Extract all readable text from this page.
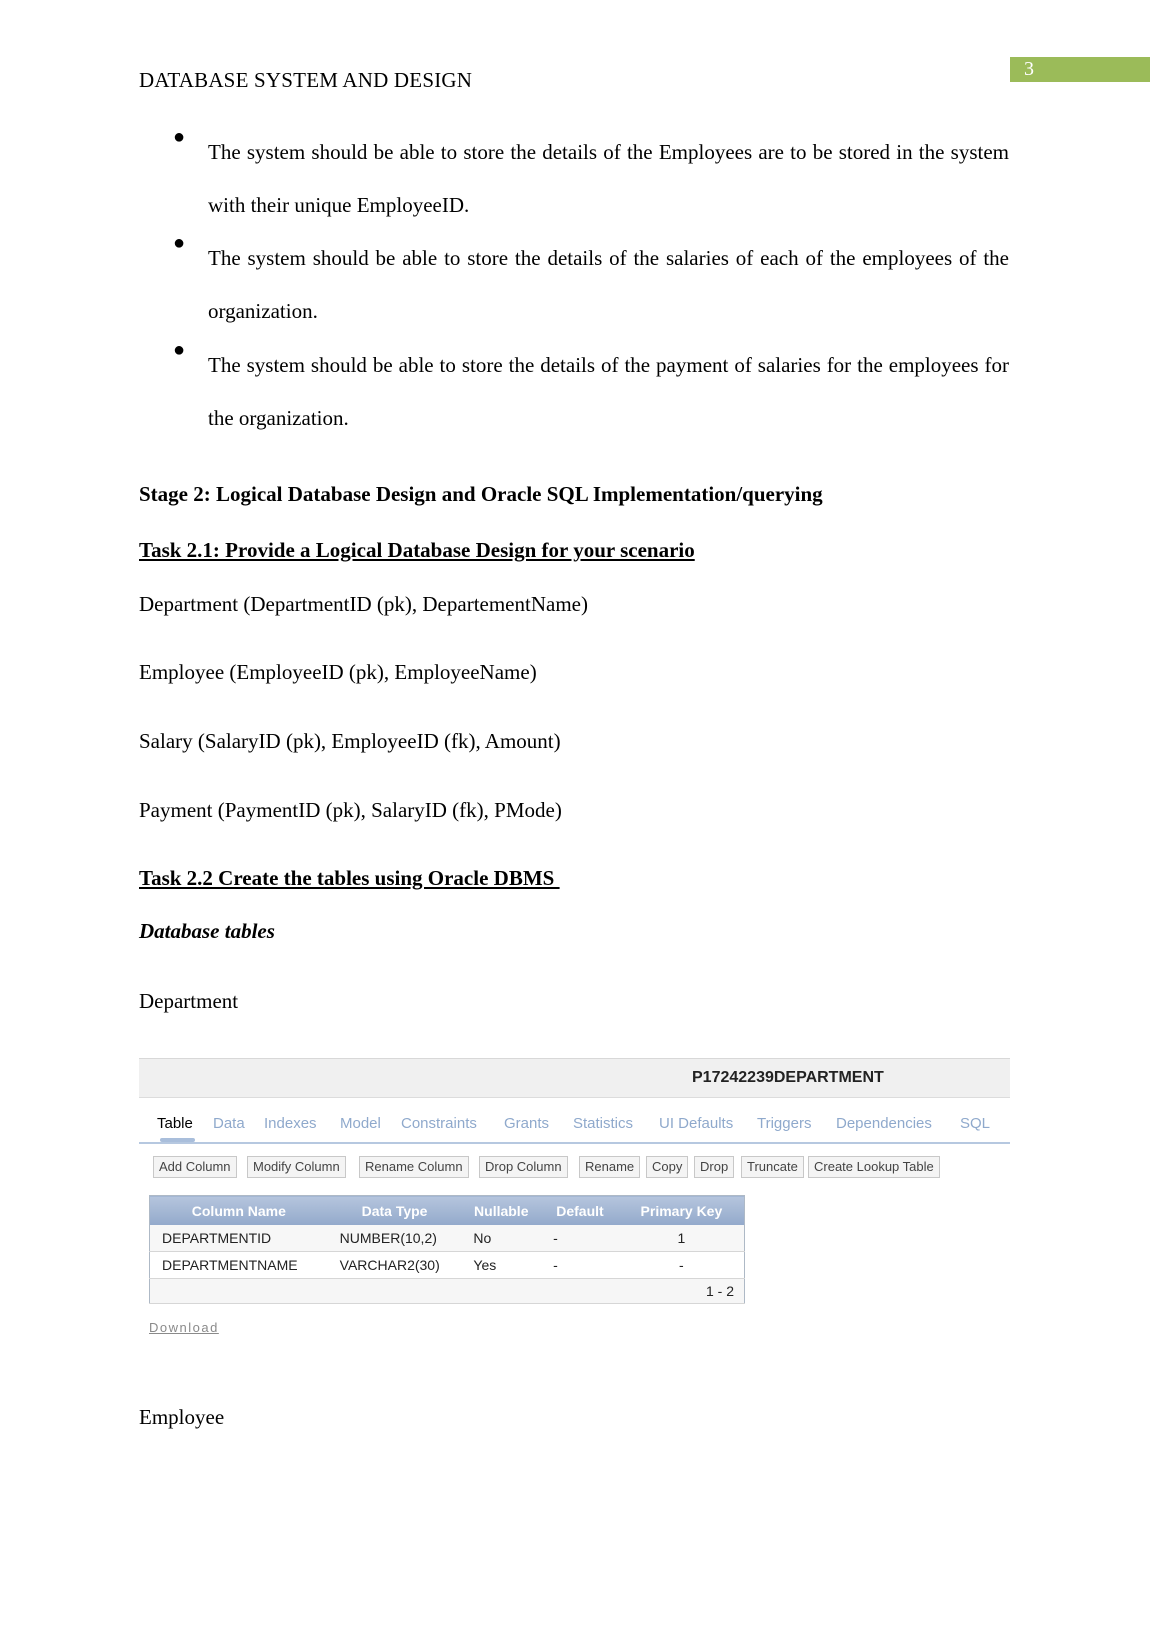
DATABASE SYSTEM AND DESIGN	3
●
The system should be able to store the details of the Employees are to be stored in the system with their unique EmployeeID.
●
The system should be able to store the details of the salaries of each of the employees of the organization.
●
The system should be able to store the details of the payment of salaries for the employees for the organization.
Stage 2: Logical Database Design and Oracle SQL Implementation/querying
Task 2.1: Provide a Logical Database Design for your scenario
Department (DepartmentID (pk), DepartementName)
Employee (EmployeeID (pk), EmployeeName)
Salary (SalaryID (pk), EmployeeID (fk), Amount)
Payment (PaymentID (pk), SalaryID (fk), PMode)
Task 2.2 Create the tables using Oracle DBMS
Database tables
Department
P17242239DEPARTMENT
Table Data Indexes Model Constraints Grants Statistics UI Defaults Triggers Dependencies SQL
Add Column	Modify Column	Rename Column	Drop Column	Rename	Copy	Drop	Truncate	Create Lookup Table
Column Name	Data Type	Nullable	Default	Primary Key
DEPARTMENTID	NUMBER(10,2)	No	-	1
DEPARTMENTNAME	VARCHAR2(30)	Yes	-	-
1 - 2				
Download
Employee
